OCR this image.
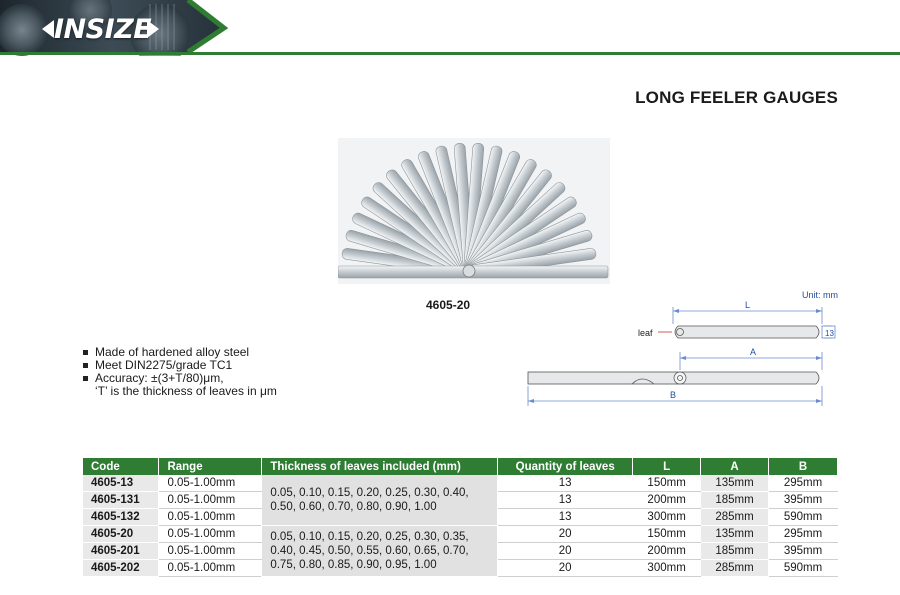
INSIZE
LONG FEELER GAUGES
4605-20

Made of hardened alloy steel

Meet DIN2275/grade TC1

Accuracy: ±(3+T/80)μm,

‘T’ is the thickness of leaves in μm

Unit: mm
leaf
L
13
A
B
Code	Range	Thickness of leaves included (mm)	Quantity of leaves	L	A	B
4605-13	0.05-1.00mm	0.05, 0.10, 0.15, 0.20, 0.25, 0.30, 0.40,
0.50, 0.60, 0.70, 0.80, 0.90, 1.00	13	150mm	135mm	295mm
4605-131	0.05-1.00mm		13	200mm	185mm	395mm
4605-132	0.05-1.00mm		13	300mm	285mm	590mm
4605-20	0.05-1.00mm	0.05, 0.10, 0.15, 0.20, 0.25, 0.30, 0.35,
0.40, 0.45, 0.50, 0.55, 0.60, 0.65, 0.70,
0.75, 0.80, 0.85, 0.90, 0.95, 1.00	20	150mm	135mm	295mm
4605-201	0.05-1.00mm		20	200mm	185mm	395mm
4605-202	0.05-1.00mm		20	300mm	285mm	590mm
